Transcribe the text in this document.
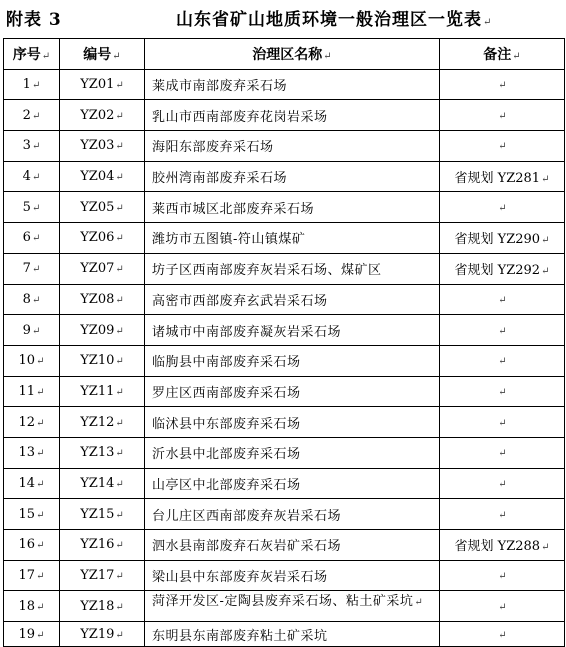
附表 3	山东省矿山地质环境一般治理区一览表↵
序号↵	编号↵	治理区名称↵	备注↵
1↵	YZ01↵	莱成市南部废弃采石场	↵
2↵	YZ02↵	乳山市西南部废弃花岗岩采场	↵
3↵	YZ03↵	海阳东部废弃采石场	↵
4↵	YZ04↵	胶州湾南部废弃采石场	省规划 YZ281↵
5↵	YZ05↵	莱西市城区北部废弃采石场	↵
6↵	YZ06↵	潍坊市五图镇-符山镇煤矿	省规划 YZ290↵
7↵	YZ07↵	坊子区西南部废弃灰岩采石场、煤矿区	省规划 YZ292↵
8↵	YZ08↵	高密市西部废弃玄武岩采石场	↵
9↵	YZ09↵	诸城市中南部废弃凝灰岩采石场	↵
10↵	YZ10↵	临朐县中南部废弃采石场	↵
11↵	YZ11↵	罗庄区西南部废弃采石场	↵
12↵	YZ12↵	临沭县中东部废弃采石场	↵
13↵	YZ13↵	沂水县中北部废弃采石场	↵
14↵	YZ14↵	山亭区中北部废弃采石场	↵
15↵	YZ15↵	台儿庄区西南部废弃灰岩采石场	↵
16↵	YZ16↵	泗水县南部废弃石灰岩矿采石场	省规划 YZ288↵
17↵	YZ17↵	梁山县中东部废弃灰岩采石场	↵
18↵	YZ18↵	菏泽开发区-定陶县废弃采石场、粘土矿采坑↵	↵
19↵	YZ19↵	东明县东南部废弃粘土矿采坑	↵
